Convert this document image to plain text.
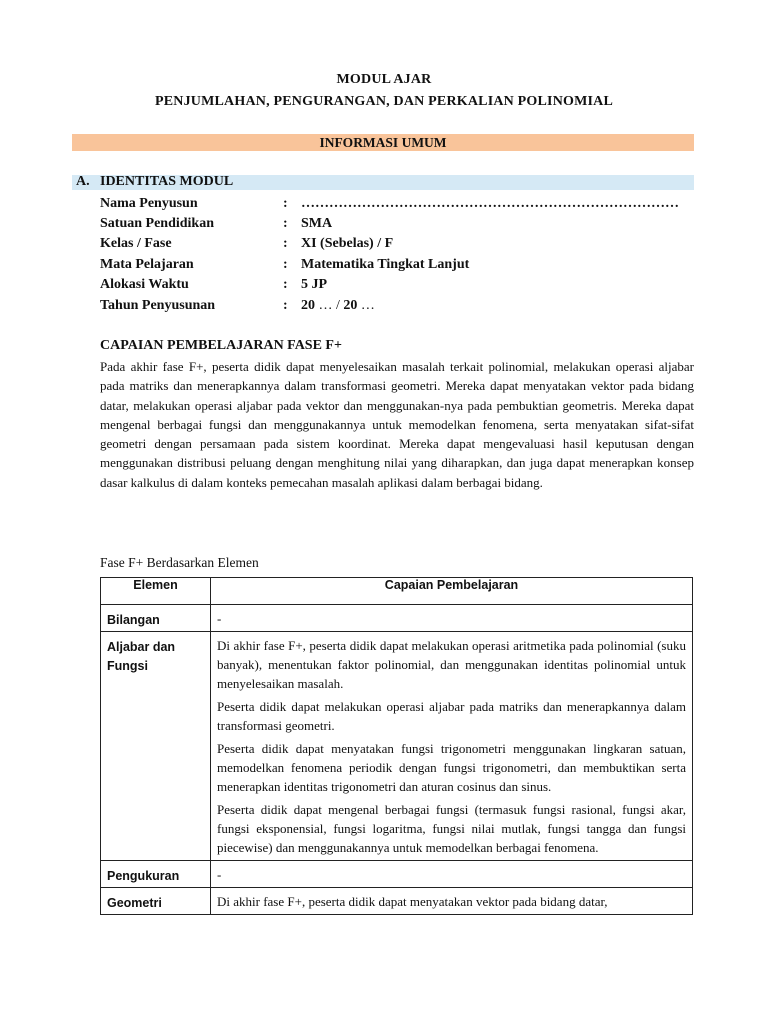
MODUL AJAR
PENJUMLAHAN, PENGURANGAN, DAN PERKALIAN POLINOMIAL
INFORMASI UMUM
A. IDENTITAS MODUL
Nama Penyusun	: ………………………………………………………………………
Satuan Pendidikan	: SMA
Kelas / Fase	: XI (Sebelas) / F
Mata Pelajaran	: Matematika Tingkat Lanjut
Alokasi Waktu	: 5 JP
Tahun Penyusunan	: 20 … / 20 …
CAPAIAN PEMBELAJARAN FASE F+

Pada akhir fase F+, peserta didik dapat menyelesaikan masalah terkait polinomial, melakukan operasi aljabar pada matriks dan menerapkannya dalam transformasi geometri. Mereka dapat menyatakan vektor pada bidang datar, melakukan operasi aljabar pada vektor dan menggunakan-nya pada pembuktian geometris. Mereka dapat mengenal berbagai fungsi dan menggunakannya untuk memodelkan fenomena, serta menyatakan sifat-sifat geometri dengan persamaan pada sistem koordinat. Mereka dapat mengevaluasi hasil keputusan dengan menggunakan distribusi peluang dengan menghitung nilai yang diharapkan, dan juga dapat menerapkan konsep dasar kalkulus di dalam konteks pemecahan masalah aplikasi dalam berbagai bidang.

Fase F+ Berdasarkan Elemen
Elemen	Capaian Pembelajaran
Bilangan	-

Aljabar dan Fungsi	Di akhir fase F+, peserta didik dapat melakukan operasi aritmetika pada polinomial (suku banyak), menentukan faktor polinomial, dan menggunakan identitas polinomial untuk menyelesaikan masalah.

Peserta didik dapat melakukan operasi aljabar pada matriks dan menerapkannya dalam transformasi geometri.

Peserta didik dapat menyatakan fungsi trigonometri menggunakan lingkaran satuan, memodelkan fenomena periodik dengan fungsi trigonometri, dan membuktikan serta menerapkan identitas trigonometri dan aturan cosinus dan sinus.

Peserta didik dapat mengenal berbagai fungsi (termasuk fungsi rasional, fungsi akar, fungsi eksponensial, fungsi logaritma, fungsi nilai mutlak, fungsi tangga dan fungsi piecewise) dan menggunakannya untuk memodelkan berbagai fenomena.

Pengukuran	-

Geometri	Di akhir fase F+, peserta didik dapat menyatakan vektor pada bidang datar,
